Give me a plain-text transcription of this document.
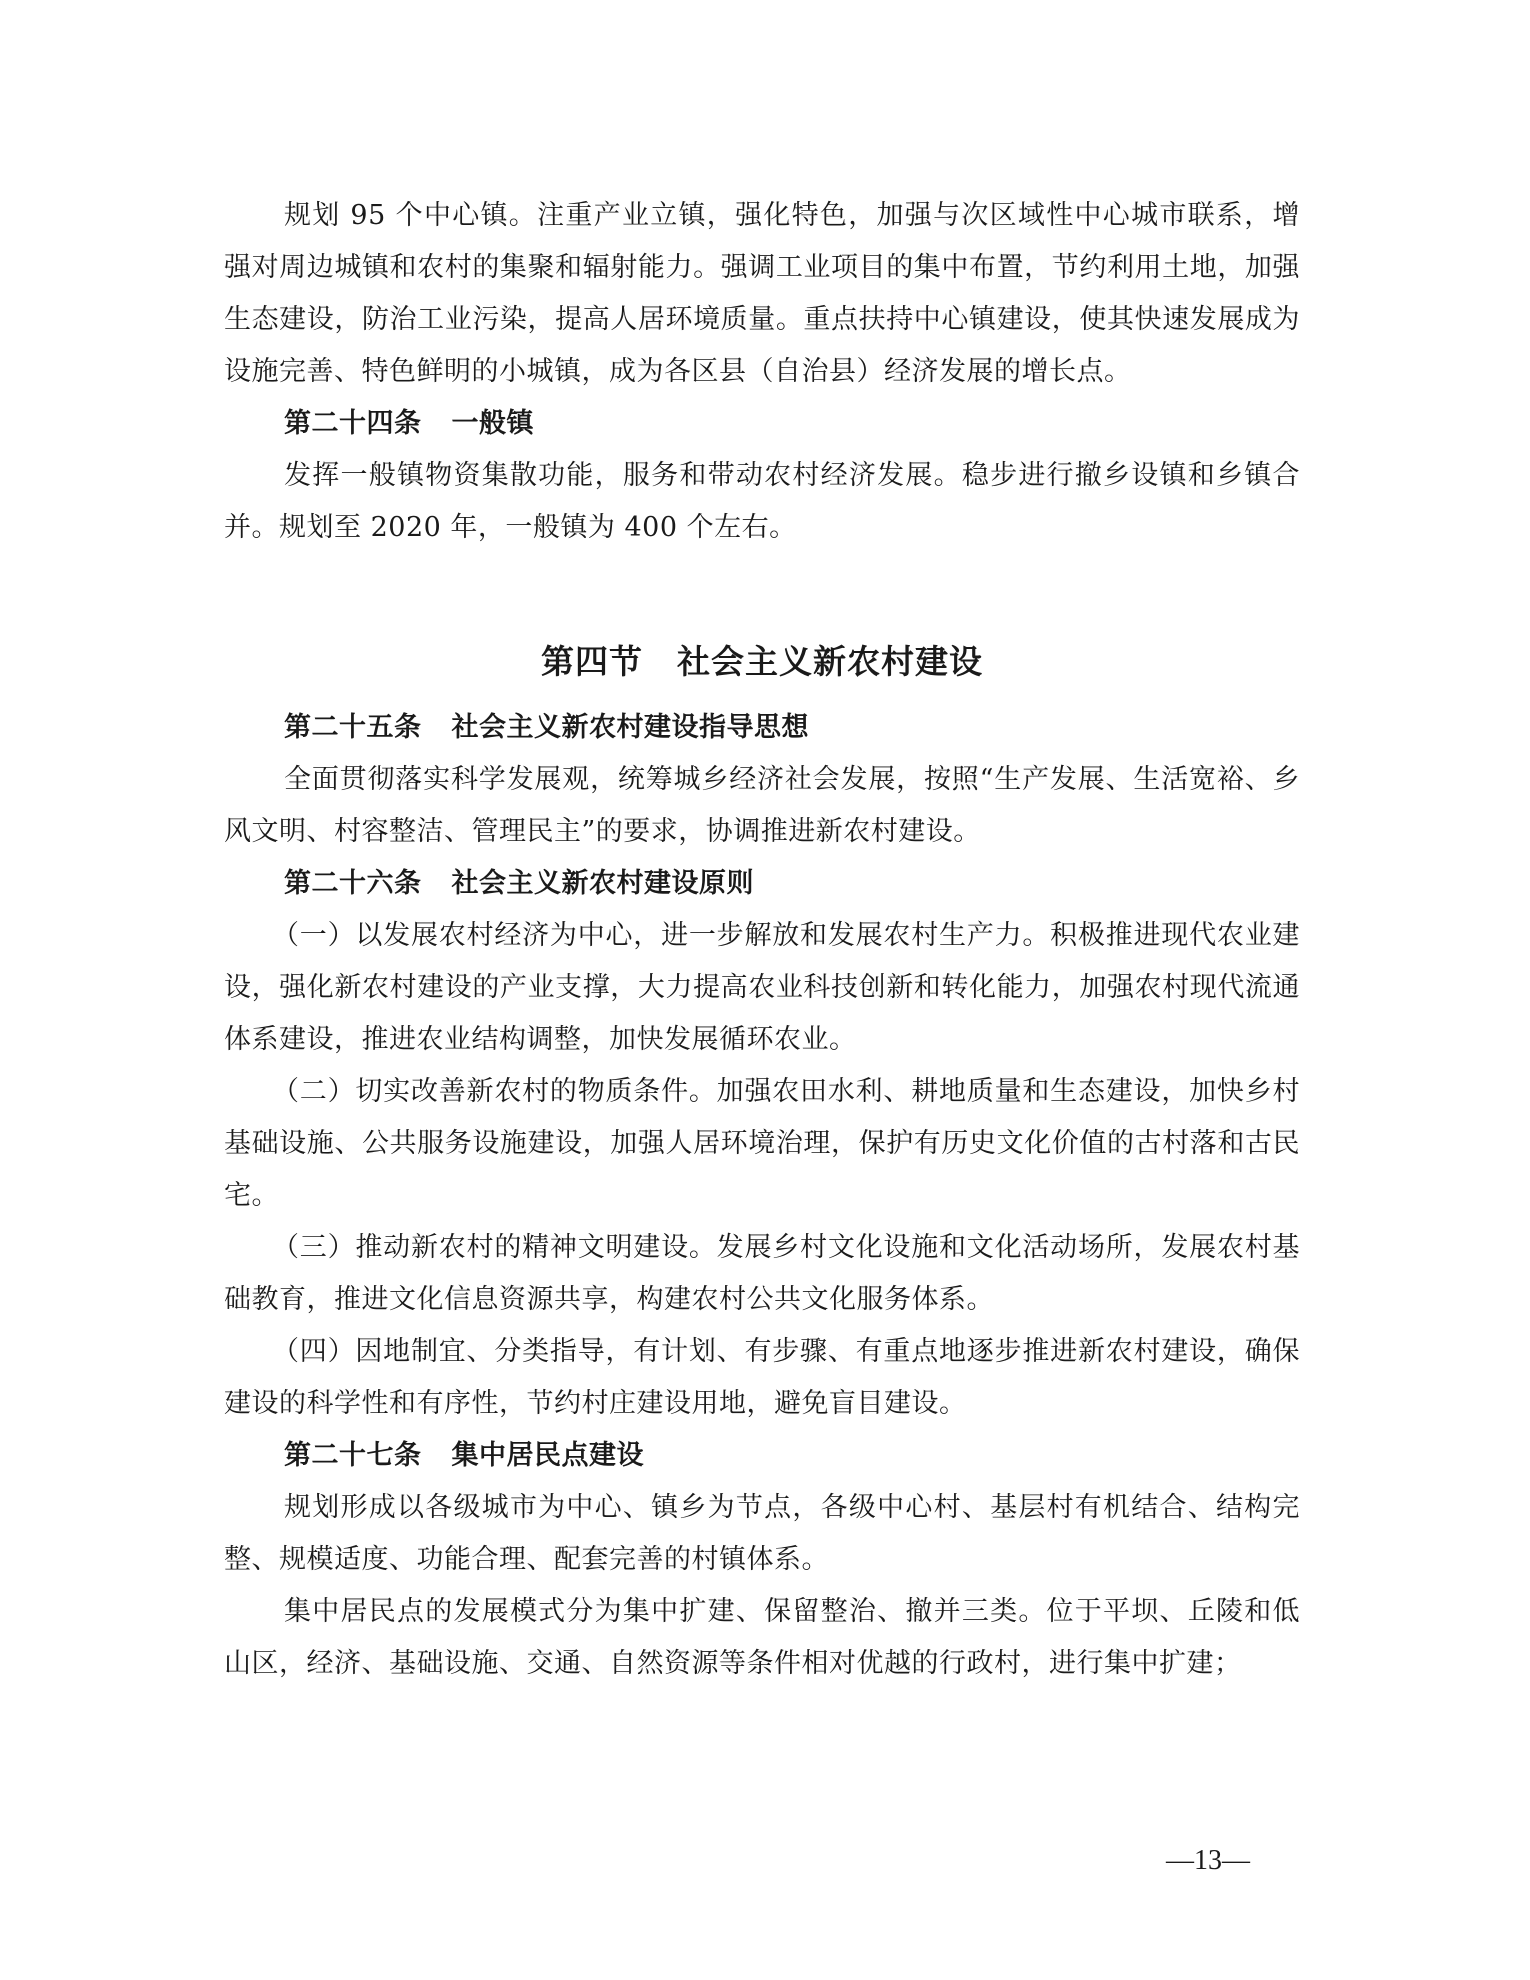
规划 95 个中心镇。注重产业立镇，强化特色，加强与次区域性中心城市联系，增强对周边城镇和农村的集聚和辐射能力。强调工业项目的集中布置，节约利用土地，加强生态建设，防治工业污染，提高人居环境质量。重点扶持中心镇建设，使其快速发展成为设施完善、特色鲜明的小城镇，成为各区县（自治县）经济发展的增长点。

第二十四条 一般镇

发挥一般镇物资集散功能，服务和带动农村经济发展。稳步进行撤乡设镇和乡镇合并。规划至 2020 年，一般镇为 400 个左右。

第四节 社会主义新农村建设

第二十五条 社会主义新农村建设指导思想

全面贯彻落实科学发展观，统筹城乡经济社会发展，按照“生产发展、生活宽裕、乡风文明、村容整洁、管理民主”的要求，协调推进新农村建设。

第二十六条 社会主义新农村建设原则

（一）以发展农村经济为中心，进一步解放和发展农村生产力。积极推进现代农业建设，强化新农村建设的产业支撑，大力提高农业科技创新和转化能力，加强农村现代流通体系建设，推进农业结构调整，加快发展循环农业。

（二）切实改善新农村的物质条件。加强农田水利、耕地质量和生态建设，加快乡村基础设施、公共服务设施建设，加强人居环境治理，保护有历史文化价值的古村落和古民宅。

（三）推动新农村的精神文明建设。发展乡村文化设施和文化活动场所，发展农村基础教育，推进文化信息资源共享，构建农村公共文化服务体系。

（四）因地制宜、分类指导，有计划、有步骤、有重点地逐步推进新农村建设，确保建设的科学性和有序性，节约村庄建设用地，避免盲目建设。

第二十七条 集中居民点建设

规划形成以各级城市为中心、镇乡为节点，各级中心村、基层村有机结合、结构完整、规模适度、功能合理、配套完善的村镇体系。

集中居民点的发展模式分为集中扩建、保留整治、撤并三类。位于平坝、丘陵和低山区，经济、基础设施、交通、自然资源等条件相对优越的行政村，进行集中扩建；

—13—
